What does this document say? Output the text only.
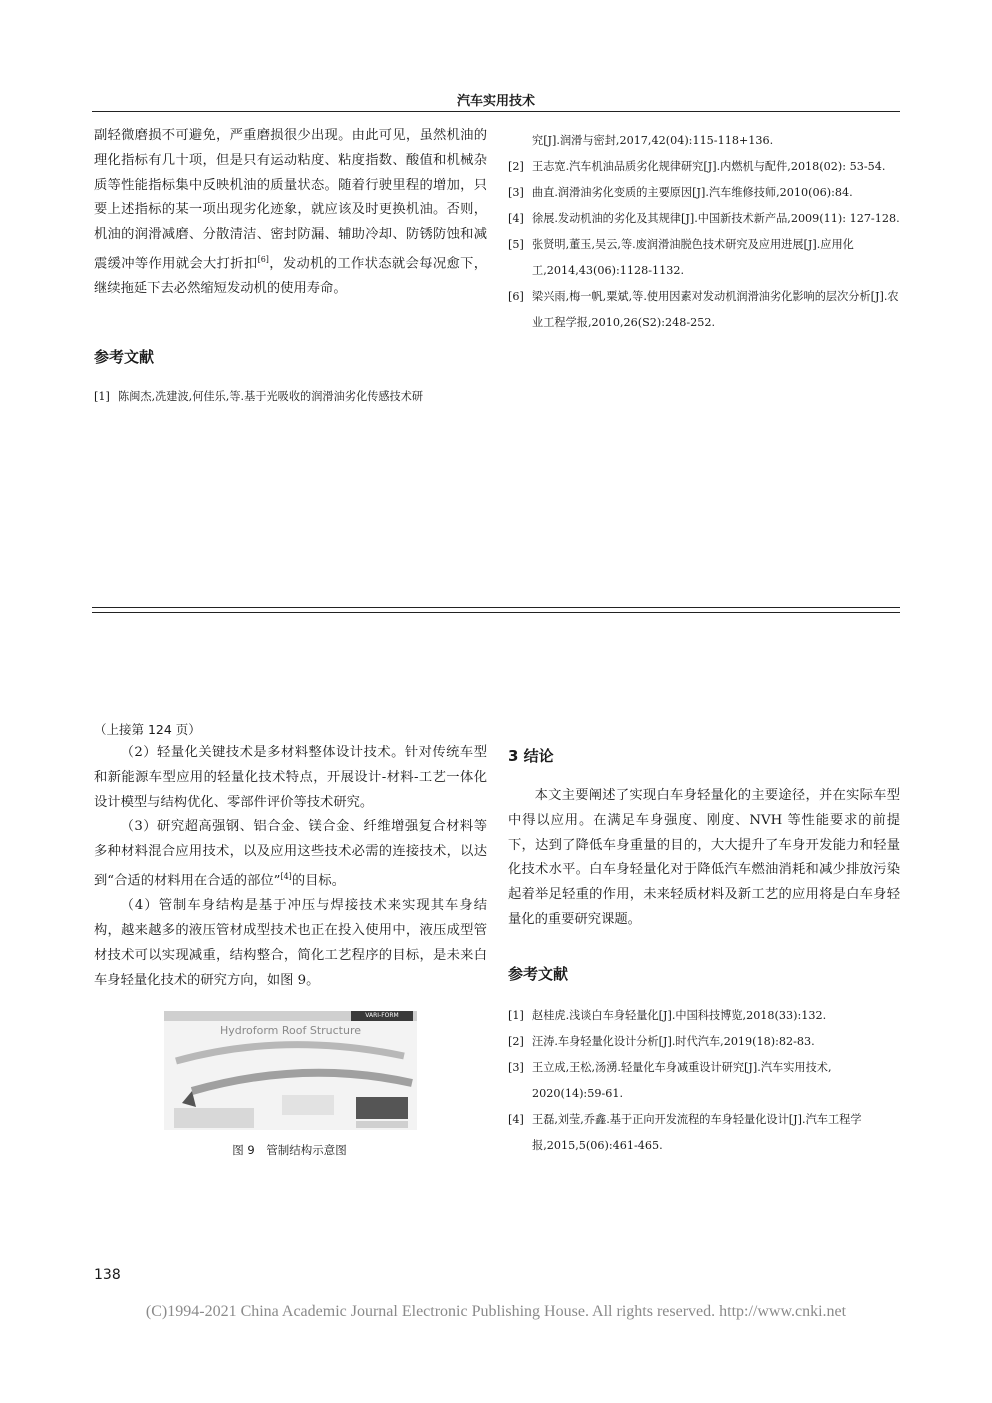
汽车实用技术

副轻微磨损不可避免，严重磨损很少出现。由此可见，虽然机油的理化指标有几十项，但是只有运动粘度、粘度指数、酸值和机械杂质等性能指标集中反映机油的质量状态。随着行驶里程的增加，只要上述指标的某一项出现劣化迹象，就应该及时更换机油。否则，机油的润滑减磨、分散清洁、密封防漏、辅助冷却、防锈防蚀和减震缓冲等作用就会大打折扣[6]，发动机的工作状态就会每况愈下，继续拖延下去必然缩短发动机的使用寿命。

参考文献
[1] 陈闽杰,冼建波,何佳乐,等.基于光吸收的润滑油劣化传感技术研
究[J].润滑与密封,2017,42(04):115-118+136.
[2] 王志宽.汽车机油品质劣化规律研究[J].内燃机与配件,2018(02): 53-54.
[3] 曲直.润滑油劣化变质的主要原因[J].汽车维修技师,2010(06):84.
[4] 徐展.发动机油的劣化及其规律[J].中国新技术新产品,2009(11): 127-128.
[5] 张贤明,董玉,吴云,等.废润滑油脱色技术研究及应用进展[J].应用化工,2014,43(06):1128-1132.
[6] 梁兴雨,梅一帆,粟斌,等.使用因素对发动机润滑油劣化影响的层次分析[J].农业工程学报,2010,26(S2):248-252.
（上接第 124 页）

（2）轻量化关键技术是多材料整体设计技术。针对传统车型和新能源车型应用的轻量化技术特点，开展设计-材料-工艺一体化设计模型与结构优化、零部件评价等技术研究。

（3）研究超高强钢、铝合金、镁合金、纤维增强复合材料等多种材料混合应用技术，以及应用这些技术必需的连接技术，以达到“合适的材料用在合适的部位”[4]的目标。

（4）管制车身结构是基于冲压与焊接技术来实现其车身结构，越来越多的液压管材成型技术也正在投入使用中，液压成型管材技术可以实现减重，结构整合，简化工艺程序的目标，是未来白车身轻量化技术的研究方向，如图 9。

VARI-FORM
Hydroform Roof Structure
图 9　管制结构示意图
3 结论

本文主要阐述了实现白车身轻量化的主要途径，并在实际车型中得以应用。在满足车身强度、刚度、NVH 等性能要求的前提下，达到了降低车身重量的目的，大大提升了车身开发能力和轻量化技术水平。白车身轻量化对于降低汽车燃油消耗和减少排放污染起着举足轻重的作用，未来轻质材料及新工艺的应用将是白车身轻量化的重要研究课题。

参考文献
[1] 赵桂虎.浅谈白车身轻量化[J].中国科技博览,2018(33):132.
[2] 汪涛.车身轻量化设计分析[J].时代汽车,2019(18):82-83.
[3] 王立成,王松,汤湧.轻量化车身减重设计研究[J].汽车实用技术, 2020(14):59-61.
[4] 王磊,刘莹,乔鑫.基于正向开发流程的车身轻量化设计[J].汽车工程学报,2015,5(06):461-465.
138
(C)1994-2021 China Academic Journal Electronic Publishing House. All rights reserved. http://www.cnki.net
